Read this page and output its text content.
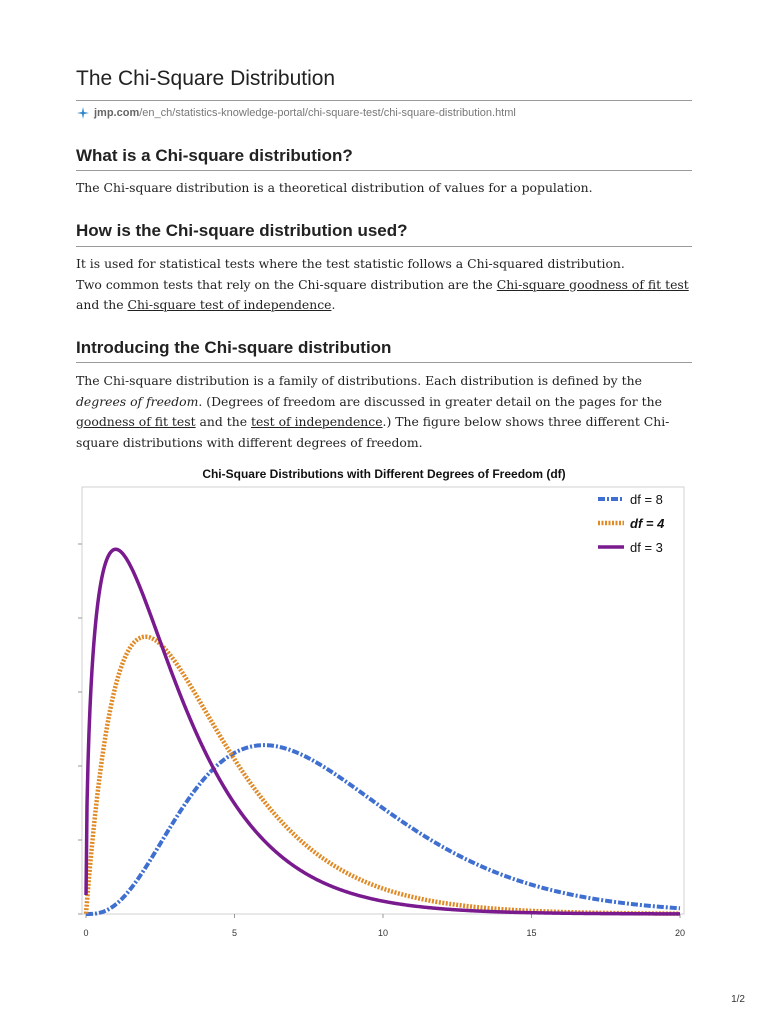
The Chi-Square Distribution
jmp.com /en_ch/statistics-knowledge-portal/chi-square-test/chi-square-distribution.html
What is a Chi-square distribution?

The Chi-square distribution is a theoretical distribution of values for a population.

How is the Chi-square distribution used?

It is used for statistical tests where the test statistic follows a Chi-squared distribution.
Two common tests that rely on the Chi-square distribution are the Chi-square goodness of fit test and the Chi-square test of independence.

Introducing the Chi-square distribution

The Chi-square distribution is a family of distributions. Each distribution is defined by the degrees of freedom. (Degrees of freedom are discussed in greater detail on the pages for the goodness of fit test and the test of independence.) The figure below shows three different Chi-square distributions with different degrees of freedom.

Chi-Square Distributions with Different Degrees of Freedom (df)
0	5	10	15	20
df = 8
df = 4
df = 3
1/2
